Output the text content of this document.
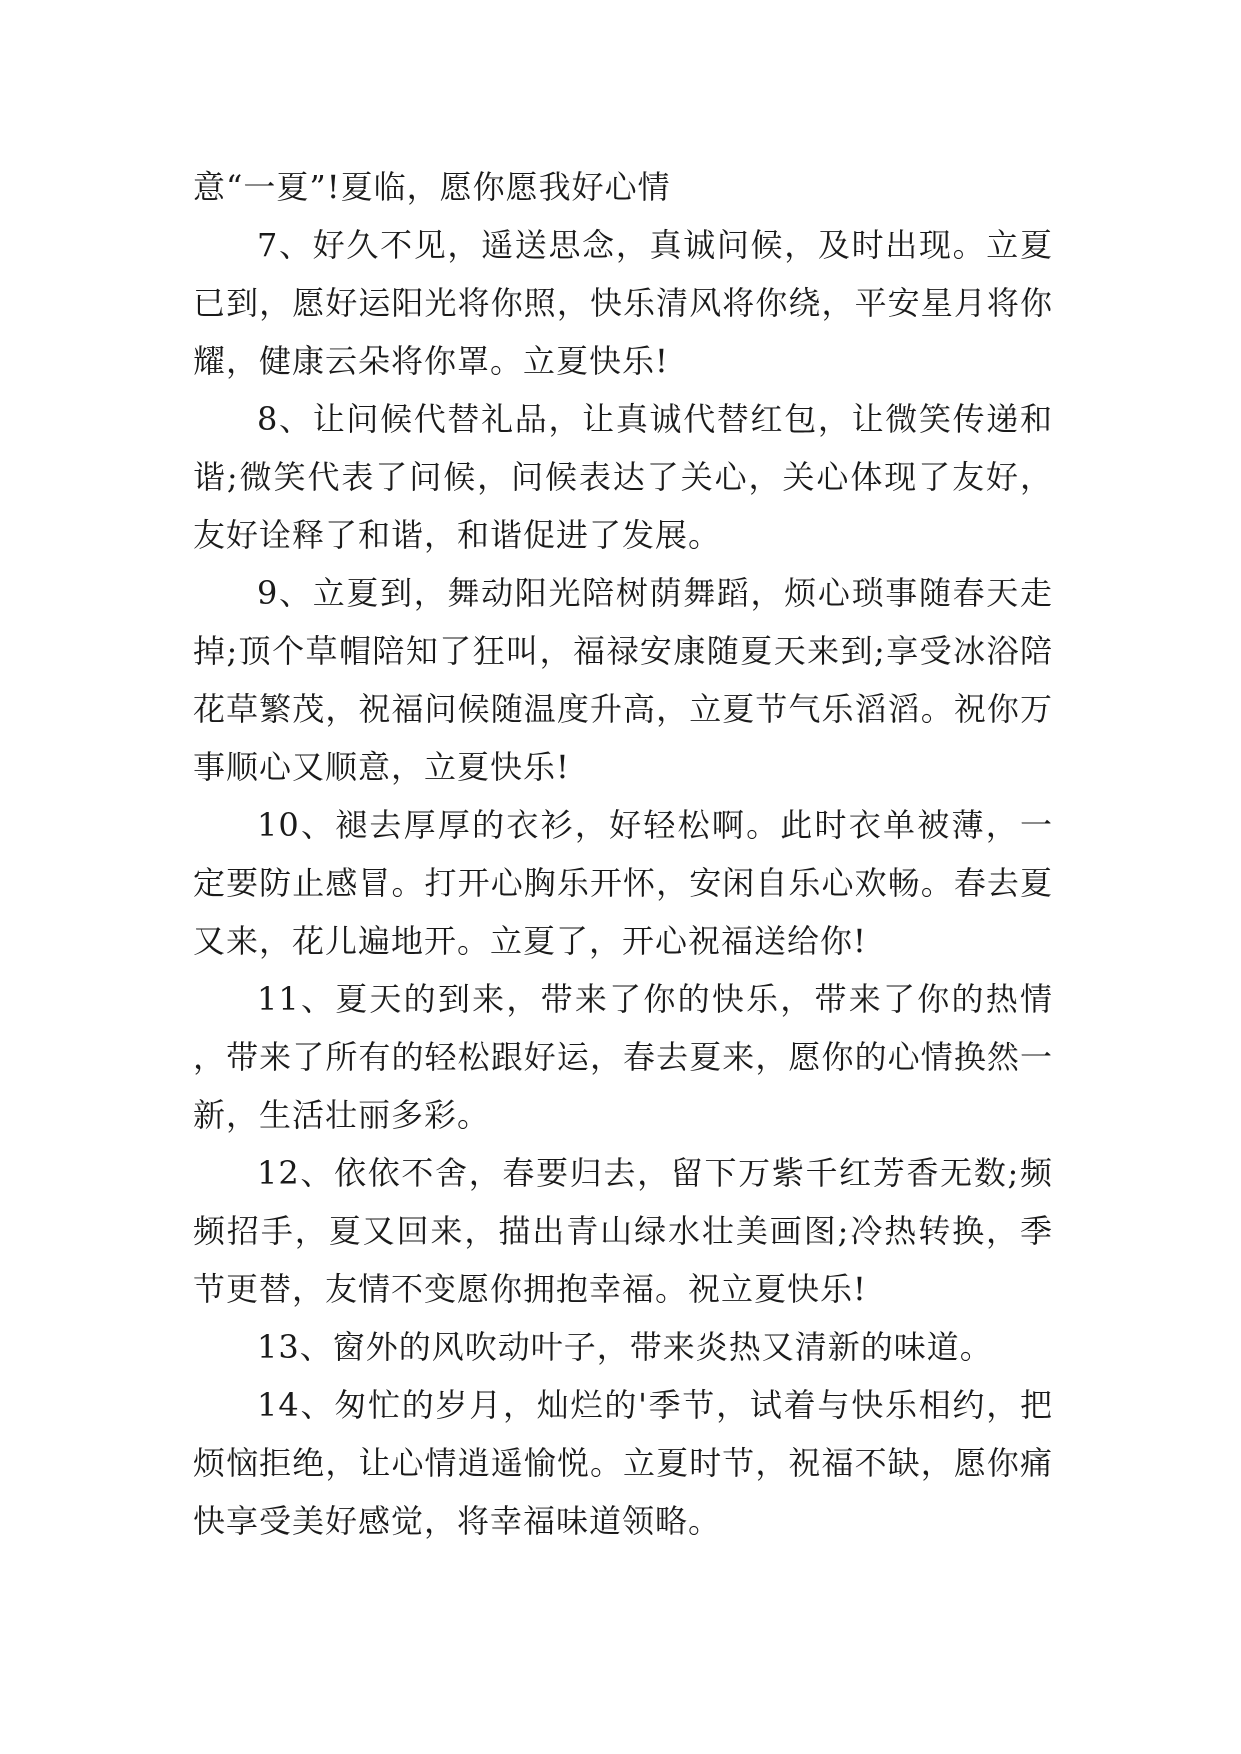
意“一夏”!夏临，愿你愿我好心情

7、好久不见，遥送思念，真诚问候，及时出现。立夏已到，愿好运阳光将你照，快乐清风将你绕，平安星月将你耀，健康云朵将你罩。立夏快乐!

8、让问候代替礼品，让真诚代替红包，让微笑传递和谐;微笑代表了问候，问候表达了关心，关心体现了友好，友好诠释了和谐，和谐促进了发展。

9、立夏到，舞动阳光陪树荫舞蹈，烦心琐事随春天走掉;顶个草帽陪知了狂叫，福禄安康随夏天来到;享受冰浴陪花草繁茂，祝福问候随温度升高，立夏节气乐滔滔。祝你万事顺心又顺意，立夏快乐!

10、褪去厚厚的衣衫，好轻松啊。此时衣单被薄，一定要防止感冒。打开心胸乐开怀，安闲自乐心欢畅。春去夏又来，花儿遍地开。立夏了，开心祝福送给你!

11、夏天的到来，带来了你的快乐，带来了你的热情，带来了所有的轻松跟好运，春去夏来，愿你的心情换然一新，生活壮丽多彩。

12、依依不舍，春要归去，留下万紫千红芳香无数;频频招手，夏又回来，描出青山绿水壮美画图;冷热转换，季节更替，友情不变愿你拥抱幸福。祝立夏快乐!

13、窗外的风吹动叶子，带来炎热又清新的味道。

14、匆忙的岁月，灿烂的'季节，试着与快乐相约，把烦恼拒绝，让心情逍遥愉悦。立夏时节，祝福不缺，愿你痛快享受美好感觉，将幸福味道领略。
